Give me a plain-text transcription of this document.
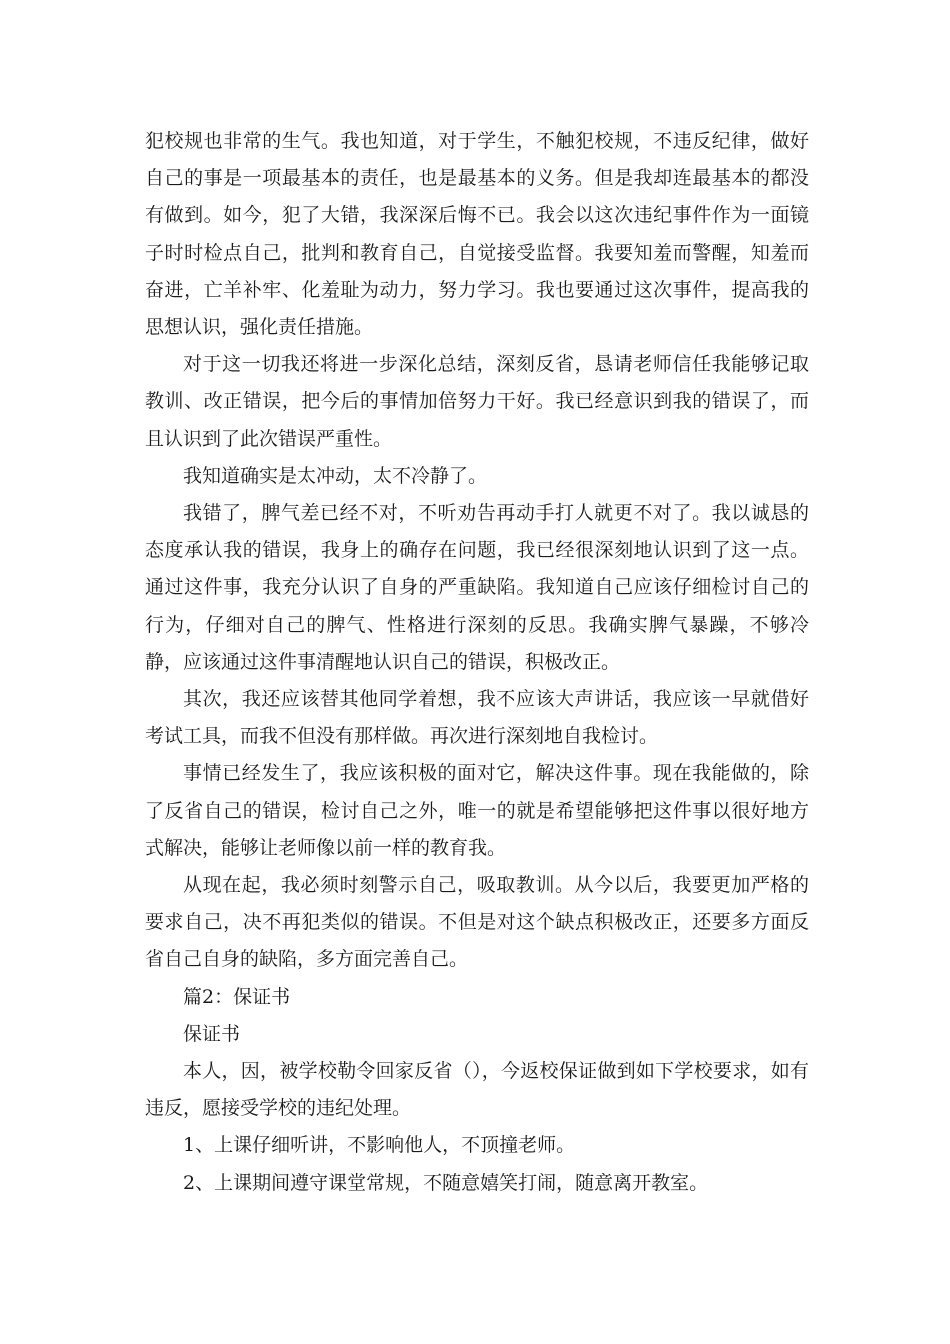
犯校规也非常的生气。我也知道，对于学生，不触犯校规，不违反纪律，做好自己的事是一项最基本的责任，也是最基本的义务。但是我却连最基本的都没有做到。如今，犯了大错，我深深后悔不已。我会以这次违纪事件作为一面镜子时时检点自己，批判和教育自己，自觉接受监督。我要知羞而警醒，知羞而奋进，亡羊补牢、化羞耻为动力，努力学习。我也要通过这次事件，提高我的思想认识，强化责任措施。

对于这一切我还将进一步深化总结，深刻反省，恳请老师信任我能够记取教训、改正错误，把今后的事情加倍努力干好。我已经意识到我的错误了，而且认识到了此次错误严重性。

我知道确实是太冲动，太不冷静了。

我错了，脾气差已经不对，不听劝告再动手打人就更不对了。我以诚恳的态度承认我的错误，我身上的确存在问题，我已经很深刻地认识到了这一点。通过这件事，我充分认识了自身的严重缺陷。我知道自己应该仔细检讨自己的行为，仔细对自己的脾气、性格进行深刻的反思。我确实脾气暴躁，不够冷静，应该通过这件事清醒地认识自己的错误，积极改正。

其次，我还应该替其他同学着想，我不应该大声讲话，我应该一早就借好考试工具，而我不但没有那样做。再次进行深刻地自我检讨。

事情已经发生了，我应该积极的面对它，解决这件事。现在我能做的，除了反省自己的错误，检讨自己之外，唯一的就是希望能够把这件事以很好地方式解决，能够让老师像以前一样的教育我。

从现在起，我必须时刻警示自己，吸取教训。从今以后，我要更加严格的要求自己，决不再犯类似的错误。不但是对这个缺点积极改正，还要多方面反省自己自身的缺陷，多方面完善自己。

篇2：保证书

保证书

本人，因，被学校勒令回家反省（），今返校保证做到如下学校要求，如有违反，愿接受学校的违纪处理。

1、上课仔细听讲，不影响他人，不顶撞老师。

2、上课期间遵守课堂常规，不随意嬉笑打闹，随意离开教室。
